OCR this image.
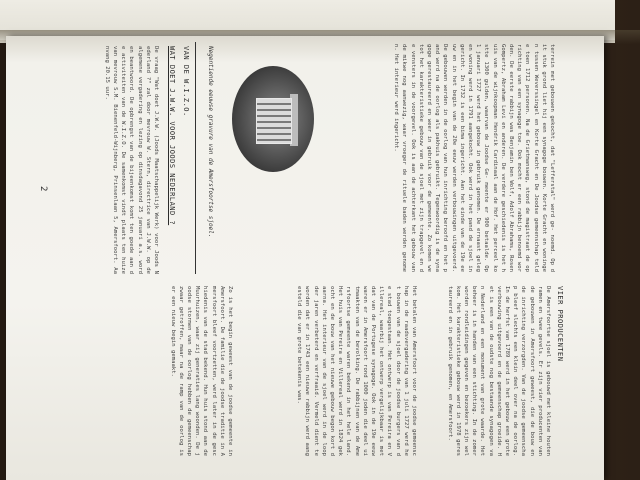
terrein met gebouwen gekocht, dat "Lefferstal" werd ge- noemd. Op dit stuk grond liet hij een synagoge bouwen. Korte Gracht en woningen tussen Weverssingel en Korte Gracht en De Joodse gemeenschap telde toen 1712 personen. Na de Grietmansweg, stond de magistraat de oprichting van een synagoge toe. Ook mocht er een rabbijn benoemd worden. De eerste rabbijn was Benjamin ben Wolf, Adolf Abrahams, Rosen Gompertz, Abraham Levi en anderen. De verdere geschiedenis is het huis van de wijnkoopman Hendrik Cardinaal aan de Hof. Het perceel kostte 1300 gulden, waarvan de Joodse Ge- meente er 900 betaalde. Op 1 januari 1727 werd het gebouw in gebruik genomen. De ernaast gelegen woning werd in 1791 aangekocht. Ook werd in het pand de sjoel ingericht. In 1732 is een bima ingericht. Aan het einde van de 19e eeuw en in het begin van de 20e eeuw werden verbouwingen uitgevoerd. De gebouwen werden in de oorlog van hun inrichting beroofd en het pand werd na de oorlog als pakhuis gebruikt. Tegenwoordig is de synagoge gerestaureerd en weer in gebruik voor de gemeente. Zo komen we tot het karakteristieke gebouw van de sjoel met zijn trapgevel en de vensters in de voorgevel. Ook is aan de achterkant het gebouw van de mikwe nog aanwezig, waar vroeger de rituele baden werden genomen. Het interieur werd ingericht.

Negentiende eeuwse gravure van de Amersfoortse sjoel.

VAN DE W.I.Z.O.

WAT DOET J.W.W. VOOR JOODS NEDERLAND ?

De vraag "Wat doet J.W.W. (Joods Maatschappelijk Werk) voor Joods Nederland ?" zal door mevrouw W. Stern, directrice van J.W.W. op de algemene vergadering en lezing op dinsdagavond 25 januari a.s. worden beantwoord. De opbrengst van de bijeenkomst komt ten goede aan de activiteiten van de W.I.Z.O. De samenkomst vindt plaats ten huize van mevrouw S.M. Bienenfeld-Wijnberg, Prinsenlaan 5, Amersfoort. Aanvang 20.15 uur.

VIER PRODUCENTEN

De Amersfoortse sjoel is gebouwd met kleine houten ramen en twee gevels. Er zijn vier producenten van de gebouwen in Amersfoort geweest, die de bouw en de inrichting verzorgden. Van de joodse gemeenschap bleef slechts een klein deel over na de oorlog. In de herfst van 1789 werd in het gebouw een grote verbouwing uitgevoerd en de gemeenschap groeide. Het is een van de oudste nog bestaande synagogen van Nederland en een monument van grote waarde. Het beheer is in handen van een stichting. In de zomer worden rondleidingen gegeven en bezoekers zijn welkom. Het karakteristieke gebouw werd in 1978 gerestaureerd en in gebruik genomen, en Amersfoort.

Het betalen van Amersfoort voor de joodse gemeenschap in de raadsvergadering van 1 juli 1727 werd het bouwen van de sjoel door de joodse burgers van de stad toegestaan. Het ontwerp is van Pereira en Villereal, waarbij het ontwerp vergelijkbaar is met dat van de Portugese synagoge. Ook in de 19e eeuw waren er in Amersfoort rond 1000 joden die deel uitmaakten van de bevolking. De rabbijnen van de Amersfoortse gemeente waren bekend in het hele land. Het huis van Pereira en Villereal werd in 1824 gekocht en de bouw van het nieuwe gebouw begon kort daarna. Het interieur van de sjoel werd in de loop der jaren verbeterd en verfraaid. Vermeld dient te worden dat er in 1743 een nieuwe rabbijn werd aangesteld die van grote betekenis was.

Zo is het begin geweest van de joodse gemeente in Amersfoort. De familie die de joodse traditie in Amersfoort bleef voortzetten, werd later in de geschiedenis van de stad bekend. Hun huis stond aan de Muurhuizen, waar zij generaties lang woonden. De joodse stormen van de oorlog hebben de gemeenschap zwaar getroffen, maar na de ramp van de oorlog is er een nieuw begin gemaakt.

2
